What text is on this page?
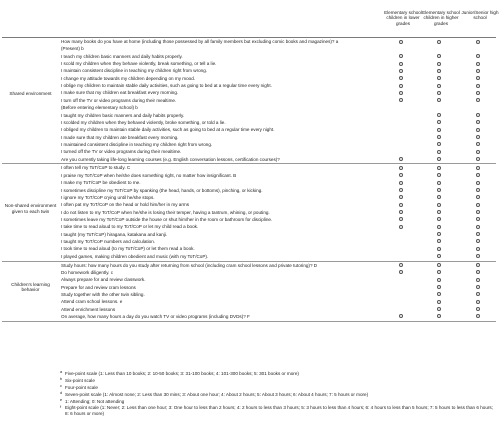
Elementary school children in lower grades
Elementary school children in higher grades
Junior/Senior high school
How many books do you have at home (including those possessed by all family members but excluding comic books and magazines)? a
(Present) b
I teach my children basic manners and daily habits properly.
I scold my children when they behave violently, break something, or tell a lie.
I maintain consistent discipline in teaching my children right from wrong.
I change my attitude towards my children depending on my mood.
I oblige my children to maintain stable daily activities, such as going to bed at a regular time every night.
I make sure that my children eat breakfast every morning.
I turn off the TV or video programs during their mealtime.
(Before entering elementary school) b
I taught my children basic manners and daily habits properly.
I scolded my children when they behaved violently, broke something, or told a lie.
I obliged my children to maintain stable daily activities, such as going to bed at a regular time every night.
I made sure that my children ate breakfast every morning.
I maintained consistent discipline in teaching my children right from wrong.
I turned off the TV or video programs during their mealtime.
Are you currently taking life-long learning courses (e.g. English conversation lessons, certification courses)?
Shared environment
I often tell my ToT/CoP to study. C
I praise my ToT/CoP when he/she does something right, no matter how insignificant. B
I make my ToT/CoP be obedient to me.
I sometimes discipline my ToT/CoP by spanking (the head, hands, or bottoms), pinching, or kicking.
I ignore my ToT/CoP crying until he/she stops.
I often pat my ToT/CoP on the head or hold him/her in my arms
I do not listen to my ToT/CoP when he/she is losing their temper, having a tantrum, whining, or pouting.
I sometimes leave my ToT/CoP outside the house or shut him/her in the room or bathroom for discipline.
I take time to read aloud to my ToT/CoP or let my child read a book.
I taught (my ToT/CoP) hiragana, katakana and kanji.
I taught my ToT/CoP numbers and calculation.
I took time to read aloud (to my ToT/CoP) or let them read a book.
I played games, making children obedient and music (with my ToT/CoP).
Non-shared environment given to each twin
Study hours: how many hours do you study after returning from school (including cram school lessons and private tutoring)? D
Do homework diligently. c
Always prepare for and review classwork.
Prepare for and review cram lessons
Study together with the other twin sibling.
Attend cram school lessons. e
Attend enrichment lessons
On average, how many hours a day do you watch TV or video programs (including DVDs)? F
Children's learning behavior
a Five-point scale (1: Less than 10 books; 2: 10-50 books; 3: 31-100 books; 4: 101-300 books; 5: 301 books or more)
b Six-point scale
c Four-point scale
d Seven-point scale (1: Almost none; 2: Less than 30 mins; 3: About one hour; 4: About 2 hours; 5: About 3 hours; 6: About 4 hours; 7: 5 hours or more)
e 1: Attending; 0: Not attending
f Eight-point scale (1: Never; 2: Less than one hour; 3: One hour to less than 2 hours; 4: 2 hours to less than 3 hours; 5: 3 hours to less than 4 hours; 6: 4 hours to less than 5 hours; 7: 5 hours to less than 6 hours; 8: 6 hours or more)
